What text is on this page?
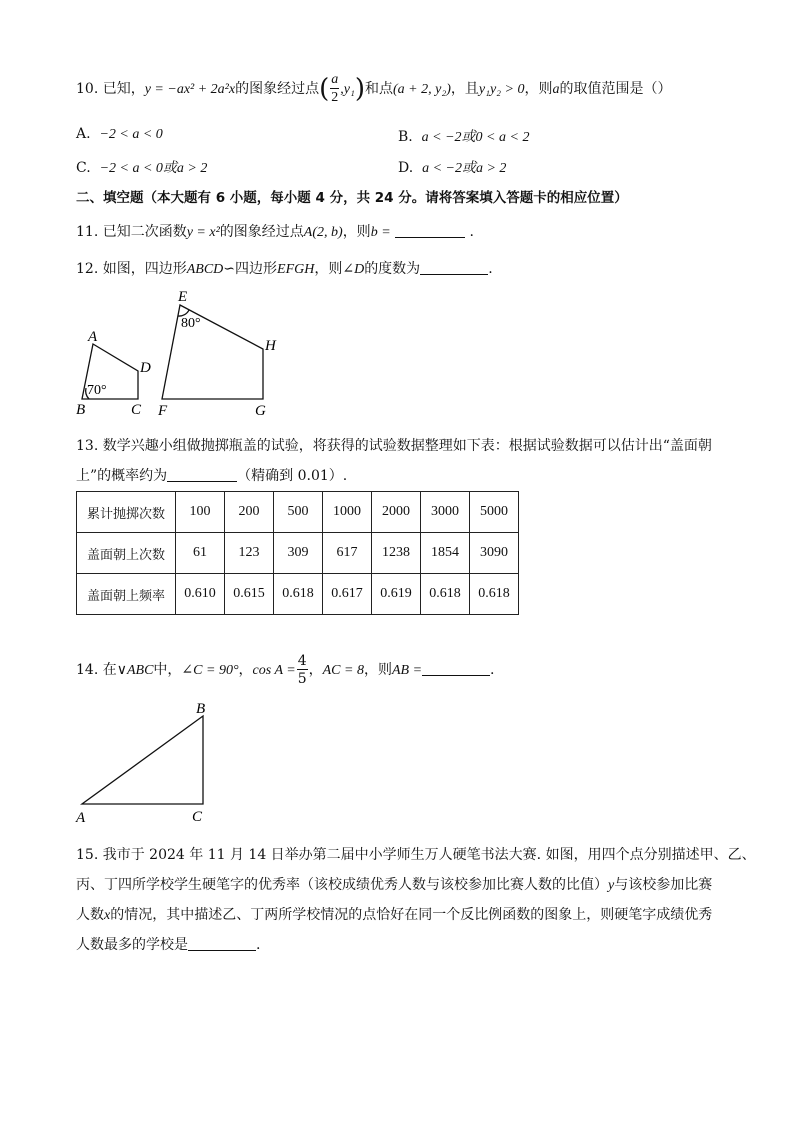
10. 已知，y = −ax² + 2a²x的图象经过点( $\frac{a}{2} ,y_1$)和点(a + 2, y₂)，且y₁y₂ > 0，则a的取值范围是（）
A. −2 < a < 0	B. a < −2或0 < a < 2
C. −2 < a < 0或a > 2	D. a < −2或a > 2
二、填空题（本大题有 6 小题，每小题 4 分，共 24 分。请将答案填入答题卡的相应位置）
11. 已知二次函数y = x²的图象经过点A(2, b)，则b =	.
12. 如图，四边形ABCD∽四边形EFGH，则∠D的度数为	.
A
B	C
D
70°
E
F	G
H
80°
13. 数学兴趣小组做抛掷瓶盖的试验，将获得的试验数据整理如下表：根据试验数据可以估计出“盖面朝
上”的概率约为	（精确到 0.01）.
累计抛掷次数	100	200	500	1000	2000	3000	5000
盖面朝上次数	61	123	309	617	1238	1854	3090
盖面朝上频率	0.610	0.615	0.618	0.617	0.619	0.618	0.618
14. 在∨ABC中，∠C = 90°，$\cos A = \frac{4}{5}$ ，AC = 8，则AB =	.
B
A	C
15. 我市于 2024 年 11 月 14 日举办第二届中小学师生万人硬笔书法大赛. 如图，用四个点分别描述甲、乙、
丙、丁四所学校学生硬笔字的优秀率（该校成绩优秀人数与该校参加比赛人数的比值）y与该校参加比赛
人数x的情况，其中描述乙、丁两所学校情况的点恰好在同一个反比例函数的图象上，则硬笔字成绩优秀
人数最多的学校是	.
